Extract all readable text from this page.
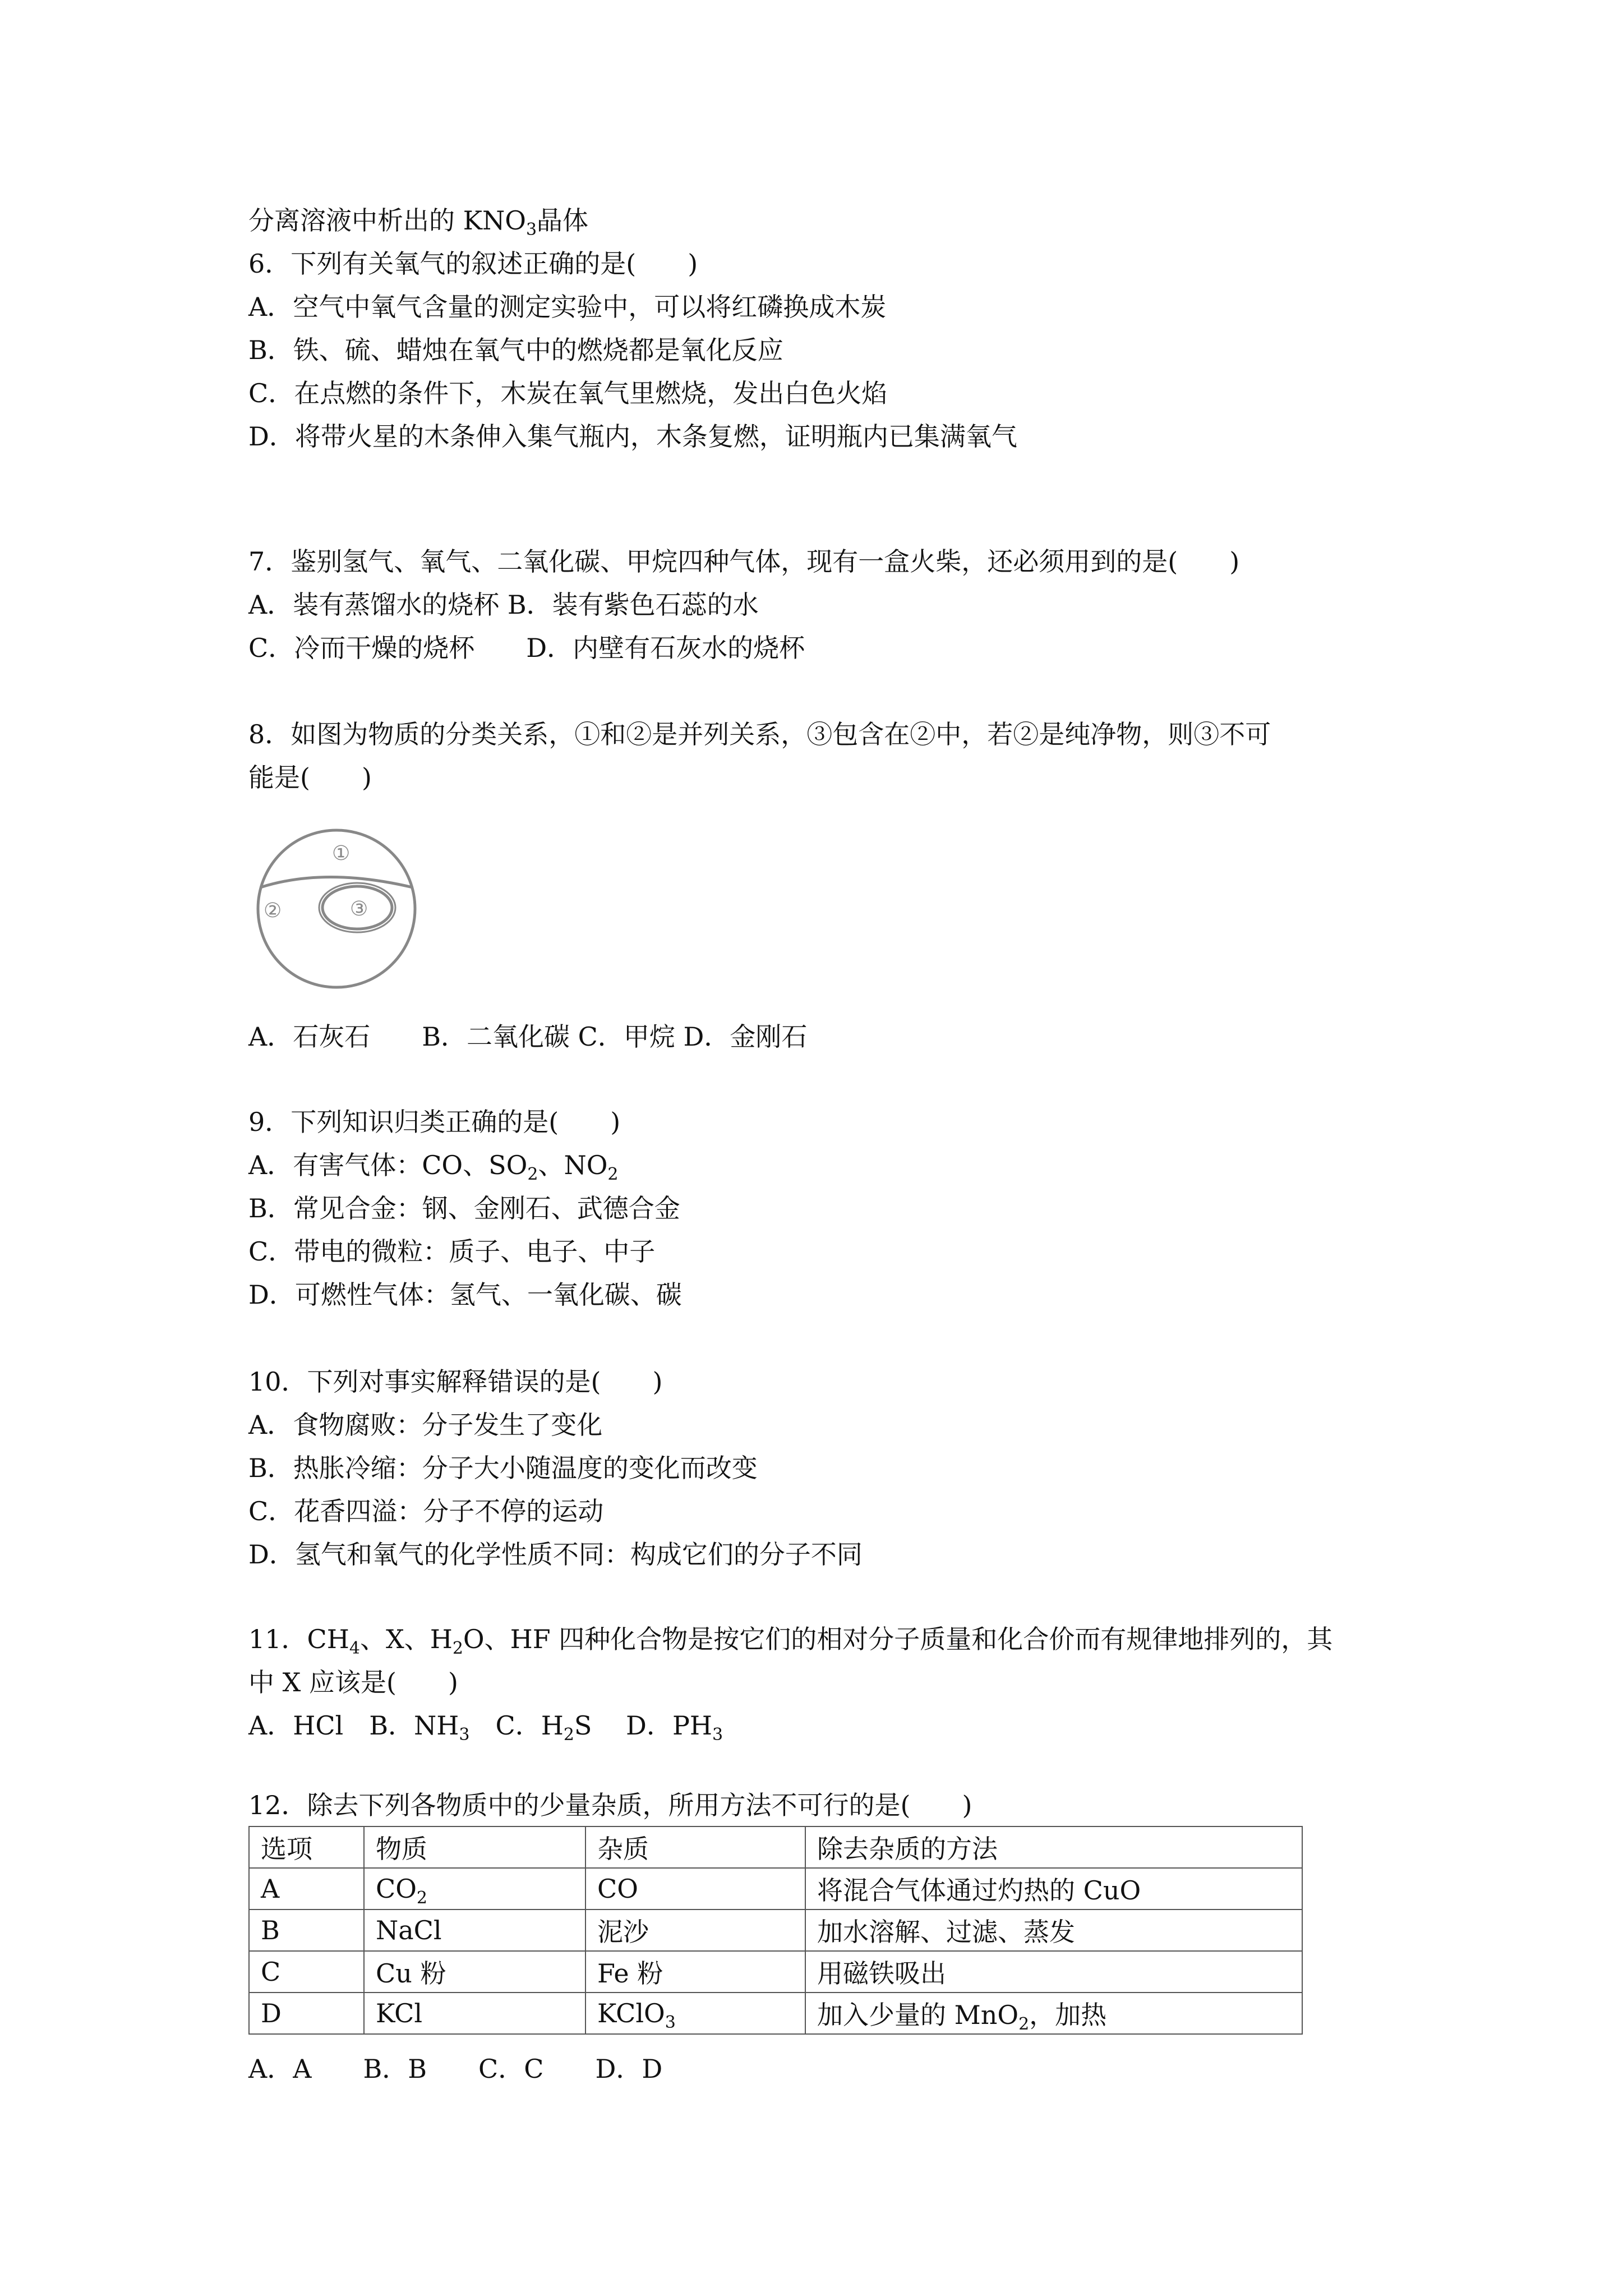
分离溶液中析出的 $KNO_3$晶体
6．下列有关氧气的叙述正确的是(　　)
A．空气中氧气含量的测定实验中，可以将红磷换成木炭
B．铁、硫、蜡烛在氧气中的燃烧都是氧化反应
C．在点燃的条件下，木炭在氧气里燃烧，发出白色火焰
D．将带火星的木条伸入集气瓶内，木条复燃，证明瓶内已集满氧气
7．鉴别氢气、氧气、二氧化碳、甲烷四种气体，现有一盒火柴，还必须用到的是(　　)
A．装有蒸馏水的烧杯 B．装有紫色石蕊的水
C．冷而干燥的烧杯　　D．内壁有石灰水的烧杯
8．如图为物质的分类关系，①和②是并列关系，③包含在②中，若②是纯净物，则③不可
能是(　　)
①
②	③
A．石灰石　　B．二氧化碳 C．甲烷 D．金刚石
9．下列知识归类正确的是(　　)
A．有害气体：CO、$SO_2$、$NO_2$
B．常见合金：钢、金刚石、武德合金
C．带电的微粒：质子、电子、中子
D．可燃性气体：氢气、一氧化碳、碳
10．下列对事实解释错误的是(　　)
A．食物腐败：分子发生了变化
B．热胀冷缩：分子大小随温度的变化而改变
C．花香四溢：分子不停的运动
D．氢气和氧气的化学性质不同：构成它们的分子不同
11．$CH_4$、X、$H_2O$、HF 四种化合物是按它们的相对分子质量和化合价而有规律地排列的，其
中 X 应该是(　　)
A．HCl　B．$NH_3$　C．$H_2S$　 D．$PH_3$
12．除去下列各物质中的少量杂质，所用方法不可行的是(　　)
选项	物质	杂质	除去杂质的方法
A	$CO_2$	CO	将混合气体通过灼热的 CuO
B	NaCl	泥沙	加水溶解、过滤、蒸发
C	Cu 粉	Fe 粉	用磁铁吸出
D	KCl	KClO$_3$	加入少量的 MnO$_2$，加热
A．A　　B．B　　C．C　　D．D
